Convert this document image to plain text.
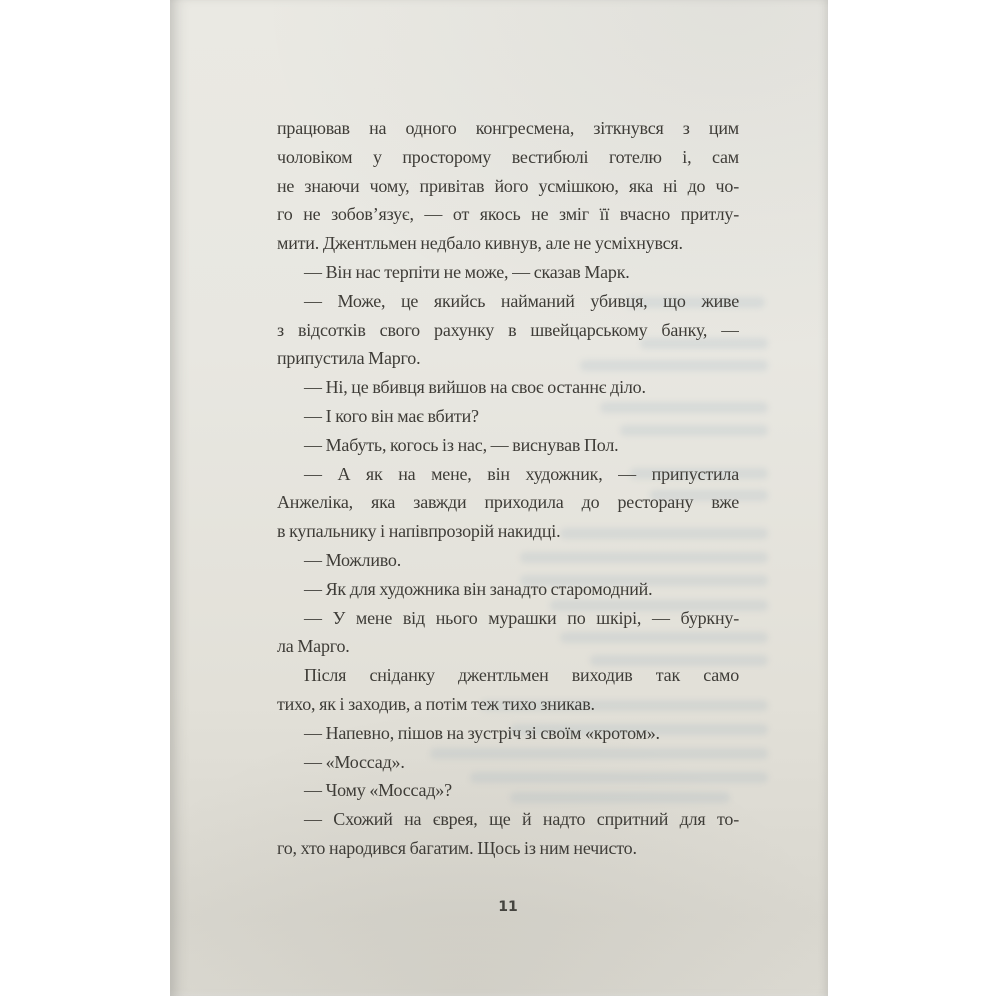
працював на одного конгресмена, зіткнувся з цим
чоловіком у просторому вестибюлі готелю і, сам
не знаючи чому, привітав його усмішкою, яка ні до чо-
го не зобов’язує, — от якось не зміг її вчасно притлу-
мити. Джентльмен недбало кивнув, але не усміхнувся.
— Він нас терпіти не може, — сказав Марк.
— Може, це якийсь найманий убивця, що живе
з відсотків свого рахунку в швейцарському банку, —
припустила Марго.
— Ні, це вбивця вийшов на своє останнє діло.
— І кого він має вбити?
— Мабуть, когось із нас, — виснував Пол.
— А як на мене, він художник, — припустила
Анжеліка, яка завжди приходила до ресторану вже
в купальнику і напівпрозорій накидці.
— Можливо.
— Як для художника він занадто старомодний.
— У мене від нього мурашки по шкірі, — буркну-
ла Марго.
Після сніданку джентльмен виходив так само
тихо, як і заходив, а потім теж тихо зникав.
— Напевно, пішов на зустріч зі своїм «кротом».
— «Моссад».
— Чому «Моссад»?
— Схожий на єврея, ще й надто спритний для то-
го, хто народився багатим. Щось із ним нечисто.
11
